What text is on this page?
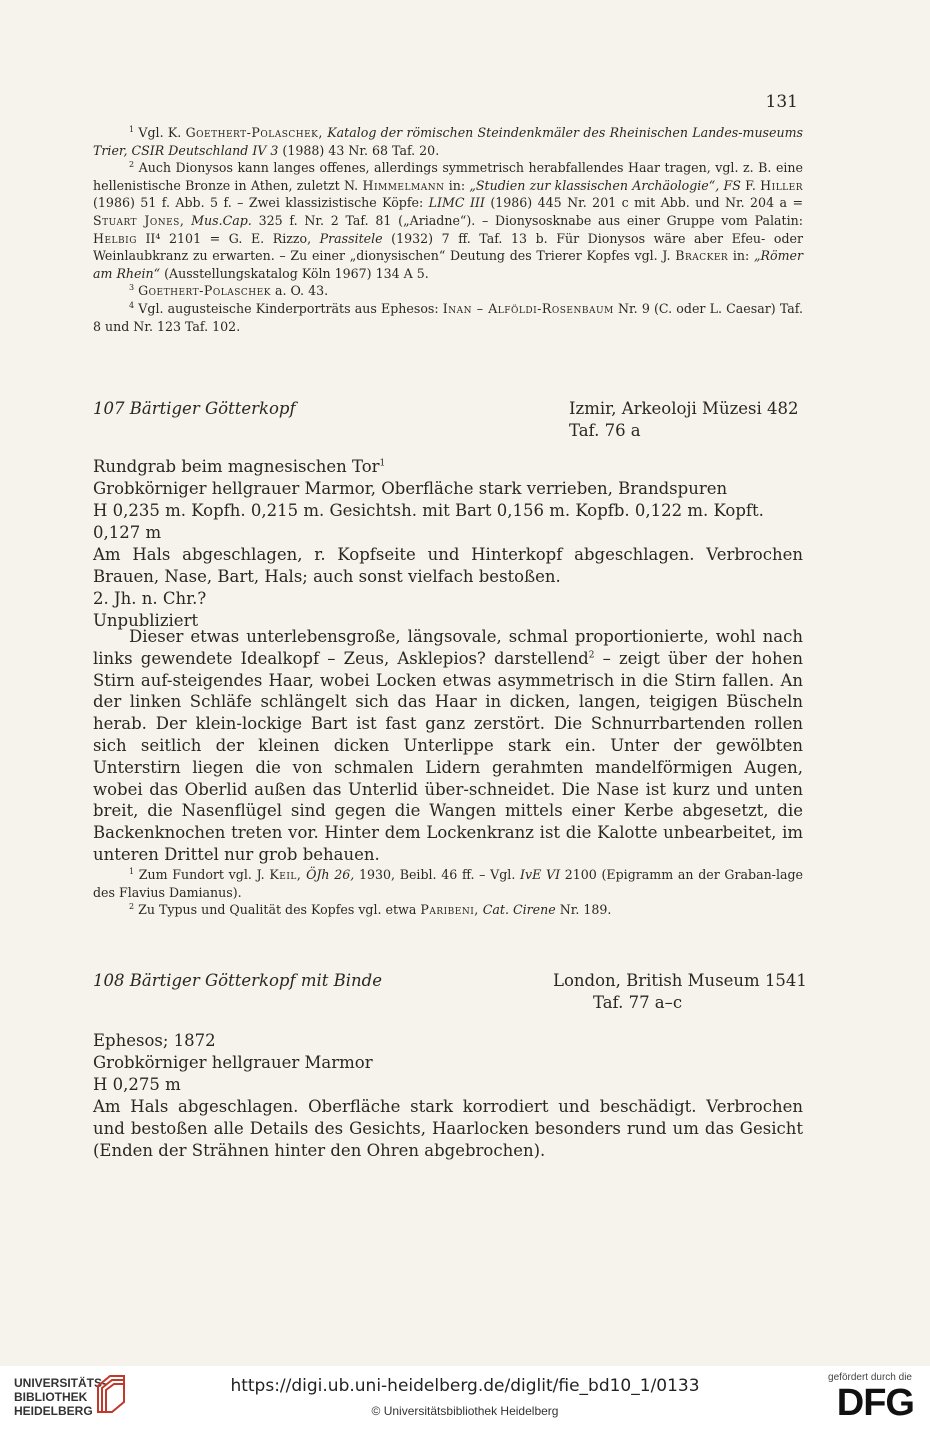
131

$^1$ Vgl. K. Goethert-Polaschek, Katalog der römischen Steindenkmäler des Rheinischen Landes-museums Trier, CSIR Deutschland IV 3 (1988) 43 Nr. 68 Taf. 20.

$^2$ Auch Dionysos kann langes offenes, allerdings symmetrisch herabfallendes Haar tragen, vgl. z. B. eine hellenistische Bronze in Athen, zuletzt N. Himmelmann in: „Studien zur klassischen Archäologie“, FS F. Hiller (1986) 51 f. Abb. 5 f. – Zwei klassizistische Köpfe: LIMC III (1986) 445 Nr. 201 c mit Abb. und Nr. 204 a = Stuart Jones, Mus.Cap. 325 f. Nr. 2 Taf. 81 („Ariadne“). – Dionysosknabe aus einer Gruppe vom Palatin: Helbig II⁴ 2101 = G. E. Rizzo, Prassitele (1932) 7 ff. Taf. 13 b. Für Dionysos wäre aber Efeu- oder Weinlaubkranz zu erwarten. – Zu einer „dionysischen“ Deutung des Trierer Kopfes vgl. J. Bracker in: „Römer am Rhein“ (Ausstellungskatalog Köln 1967) 134 A 5.

$^3$ Goethert-Polaschek a. O. 43.

$^4$ Vgl. augusteische Kinderporträts aus Ephesos: Inan – Alföldi-Rosenbaum Nr. 9 (C. oder L. Caesar) Taf. 8 und Nr. 123 Taf. 102.

107 Bärtiger Götterkopf	Izmir, Arkeoloji Müzesi 482
Taf. 76 a

Rundgrab beim magnesischen Tor$^1$

Grobkörniger hellgrauer Marmor, Oberfläche stark verrieben, Brandspuren

H 0,235 m. Kopfh. 0,215 m. Gesichtsh. mit Bart 0,156 m. Kopfb. 0,122 m. Kopft. 0,127 m

Am Hals abgeschlagen, r. Kopfseite und Hinterkopf abgeschlagen. Verbrochen Brauen, Nase, Bart, Hals; auch sonst vielfach bestoßen.

2. Jh. n. Chr.?

Unpubliziert

Dieser etwas unterlebensgroße, längsovale, schmal proportionierte, wohl nach links gewendete Idealkopf – Zeus, Asklepios? darstellend$^2$ – zeigt über der hohen Stirn auf-steigendes Haar, wobei Locken etwas asymmetrisch in die Stirn fallen. An der linken Schläfe schlängelt sich das Haar in dicken, langen, teigigen Büscheln herab. Der klein-lockige Bart ist fast ganz zerstört. Die Schnurrbartenden rollen sich seitlich der kleinen dicken Unterlippe stark ein. Unter der gewölbten Unterstirn liegen die von schmalen Lidern gerahmten mandelförmigen Augen, wobei das Oberlid außen das Unterlid über-schneidet. Die Nase ist kurz und unten breit, die Nasenflügel sind gegen die Wangen mittels einer Kerbe abgesetzt, die Backenknochen treten vor. Hinter dem Lockenkranz ist die Kalotte unbearbeitet, im unteren Drittel nur grob behauen.

$^1$ Zum Fundort vgl. J. Keil, ÖJh 26, 1930, Beibl. 46 ff. – Vgl. IvE VI 2100 (Epigramm an der Graban-lage des Flavius Damianus).

$^2$ Zu Typus und Qualität des Kopfes vgl. etwa Paribeni, Cat. Cirene Nr. 189.

108 Bärtiger Götterkopf mit Binde	London, British Museum 1541
Taf. 77 a–c

Ephesos; 1872

Grobkörniger hellgrauer Marmor

H 0,275 m

Am Hals abgeschlagen. Oberfläche stark korrodiert und beschädigt. Verbrochen und bestoßen alle Details des Gesichts, Haarlocken besonders rund um das Gesicht (Enden der Strähnen hinter den Ohren abgebrochen).

UNIVERSITÄTS-
BIBLIOTHEK
HEIDELBERG
https://digi.ub.uni-heidelberg.de/diglit/fie_bd10_1/0133
© Universitätsbibliothek Heidelberg
gefördert durch die
DFG
